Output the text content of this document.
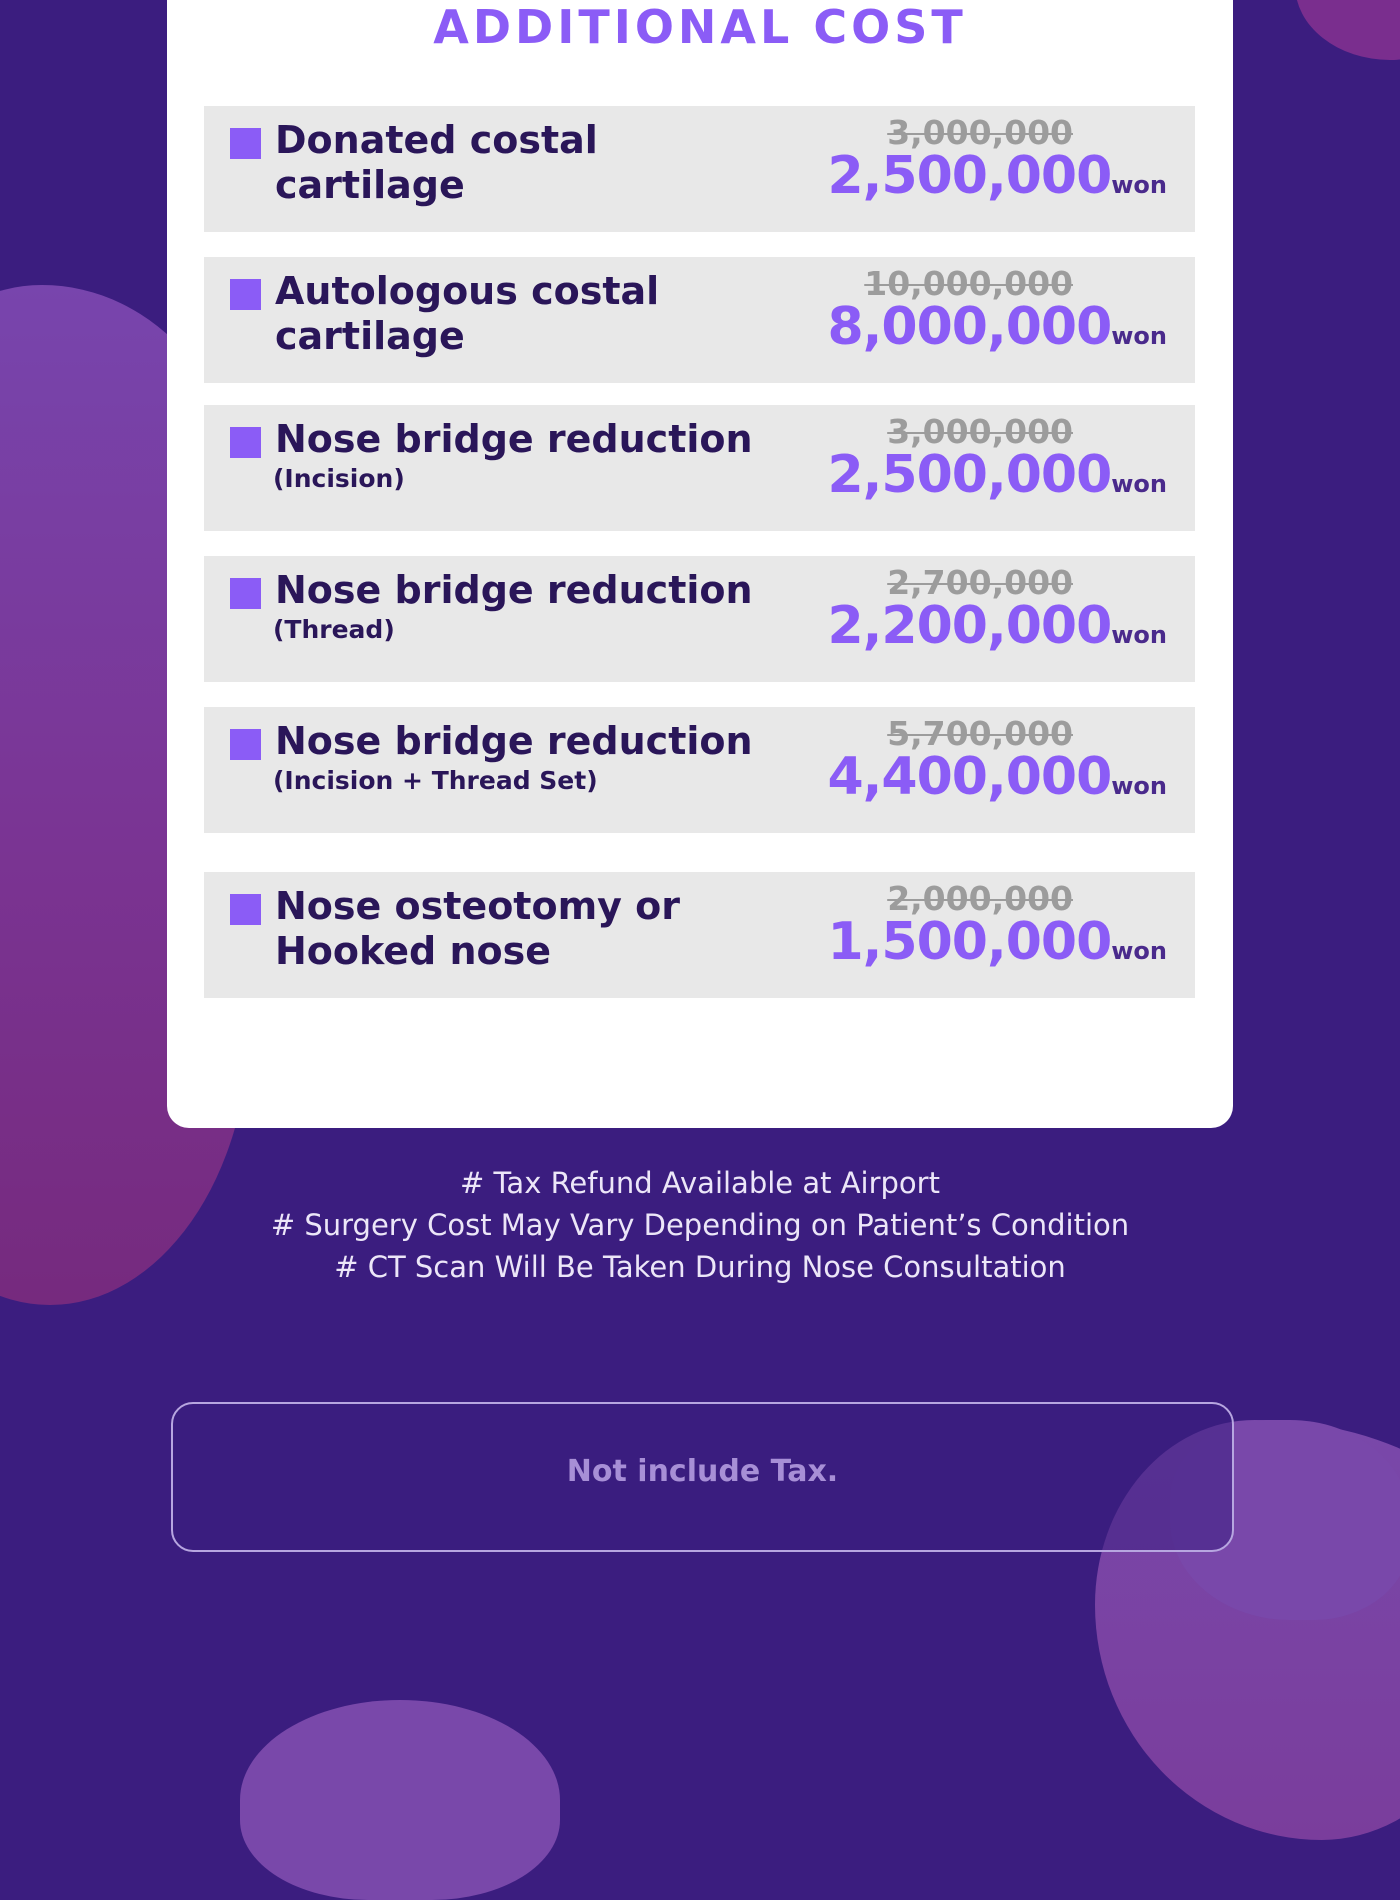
ADDITIONAL COST
Donated costal cartilage
3,000,000
2,500,000won
Autologous costal cartilage
10,000,000
8,000,000won
Nose bridge reduction
(Incision)
3,000,000
2,500,000won
Nose bridge reduction
(Thread)
2,700,000
2,200,000won
Nose bridge reduction
(Incision + Thread Set)
5,700,000
4,400,000won
Nose osteotomy or Hooked nose
2,000,000
1,500,000won
# Tax Refund Available at Airport
# Surgery Cost May Vary Depending on Patient’s Condition
# CT Scan Will Be Taken During Nose Consultation
Not include Tax.
